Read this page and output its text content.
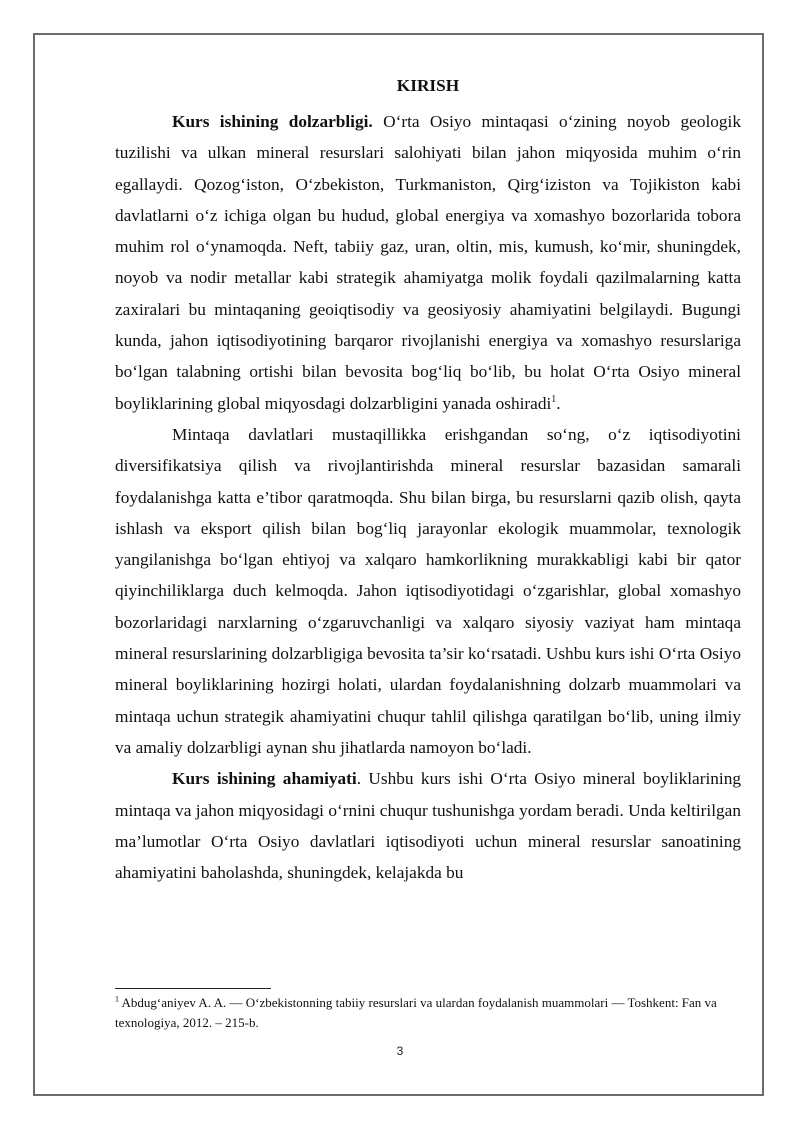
KIRISH

Kurs ishining dolzarbligi. O‘rta Osiyo mintaqasi o‘zining noyob geologik tuzilishi va ulkan mineral resurslari salohiyati bilan jahon miqyosida muhim o‘rin egallaydi. Qozog‘iston, O‘zbekiston, Turkmaniston, Qirg‘iziston va Tojikiston kabi davlatlarni o‘z ichiga olgan bu hudud, global energiya va xomashyo bozorlarida tobora muhim rol o‘ynamoqda. Neft, tabiiy gaz, uran, oltin, mis, kumush, ko‘mir, shuningdek, noyob va nodir metallar kabi strategik ahamiyatga molik foydali qazilmalarning katta zaxiralari bu mintaqaning geoiqtisodiy va geosiyosiy ahamiyatini belgilaydi. Bugungi kunda, jahon iqtisodiyotining barqaror rivojlanishi energiya va xomashyo resurslariga bo‘lgan talabning ortishi bilan bevosita bog‘liq bo‘lib, bu holat O‘rta Osiyo mineral boyliklarining global miqyosdagi dolzarbligini yanada oshiradi$^1$.

Mintaqa davlatlari mustaqillikka erishgandan so‘ng, o‘z iqtisodiyotini diversifikatsiya qilish va rivojlantirishda mineral resurslar bazasidan samarali foydalanishga katta e’tibor qaratmoqda. Shu bilan birga, bu resurslarni qazib olish, qayta ishlash va eksport qilish bilan bog‘liq jarayonlar ekologik muammolar, texnologik yangilanishga bo‘lgan ehtiyoj va xalqaro hamkorlikning murakkabligi kabi bir qator qiyinchiliklarga duch kelmoqda. Jahon iqtisodiyotidagi o‘zgarishlar, global xomashyo bozorlaridagi narxlarning o‘zgaruvchanligi va xalqaro siyosiy vaziyat ham mintaqa mineral resurslarining dolzarbligiga bevosita ta’sir ko‘rsatadi. Ushbu kurs ishi O‘rta Osiyo mineral boyliklarining hozirgi holati, ulardan foydalanishning dolzarb muammolari va mintaqa uchun strategik ahamiyatini chuqur tahlil qilishga qaratilgan bo‘lib, uning ilmiy va amaliy dolzarbligi aynan shu jihatlarda namoyon bo‘ladi.

Kurs ishining ahamiyati. Ushbu kurs ishi O‘rta Osiyo mineral boyliklarining mintaqa va jahon miqyosidagi o‘rnini chuqur tushunishga yordam beradi. Unda keltirilgan ma’lumotlar O‘rta Osiyo davlatlari iqtisodiyoti uchun mineral resurslar sanoatining ahamiyatini baholashda, shuningdek, kelajakda bu

$^1$ Abdug‘aniyev A. A. — O‘zbekistonning tabiiy resurslari va ulardan foydalanish muammolari — Toshkent: Fan va texnologiya, 2012. – 215-b.
3
